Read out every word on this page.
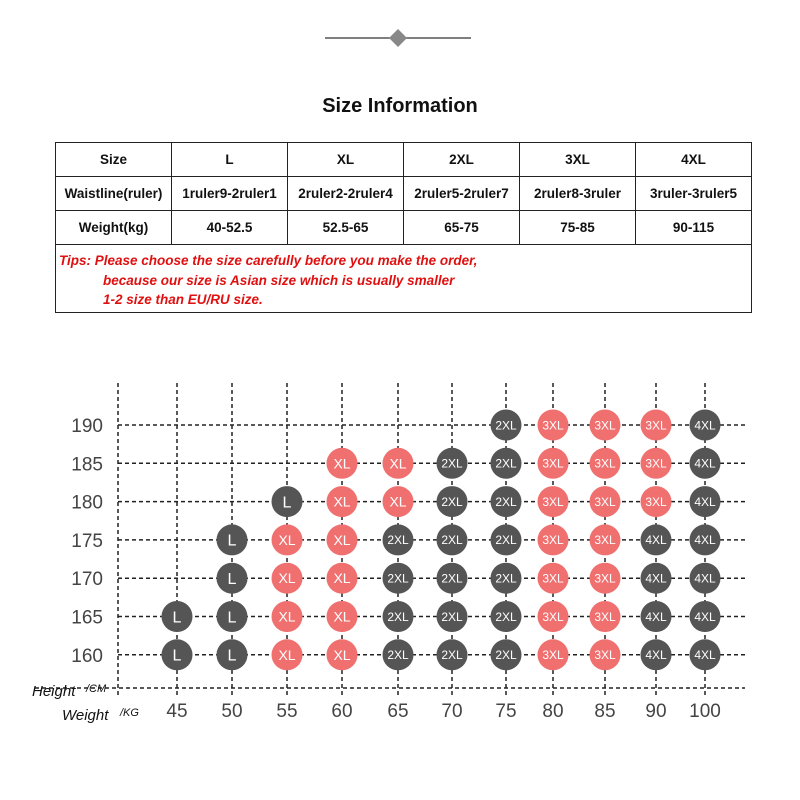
Size Information
Size	L	XL	2XL	3XL	4XL
Waistline(ruler)	1ruler9-2ruler1	2ruler2-2ruler4	2ruler5-2ruler7	2ruler8-3ruler	3ruler-3ruler5
Weight(kg)	40-52.5	52.5-65	65-75	75-85	90-115

Tips: Please choose the size carefully before you make the order,
because our size is Asian size which is usually smaller
1-2 size than EU/RU size.					
190
185
180
175
170
165
160
45 50 55 60 65 70 75 80 85 90 100
Height /CM
Weight /KG
2XL 3XL	3XL 3XL 4XL
XL	XL	2XL	2XL 3XL	3XL 3XL 4XL
L	XL	XL	2XL	2XL 3XL	3XL 3XL 4XL
L	XL	XL	2XL	2XL	2XL 3XL	3XL 4XL 4XL
L	XL	XL	2XL	2XL	2XL 3XL	3XL 4XL 4XL
L	L	XL	XL	2XL	2XL	2XL 3XL	3XL 4XL 4XL
L	L	XL	XL	2XL	2XL	2XL 3XL	3XL 4XL 4XL
